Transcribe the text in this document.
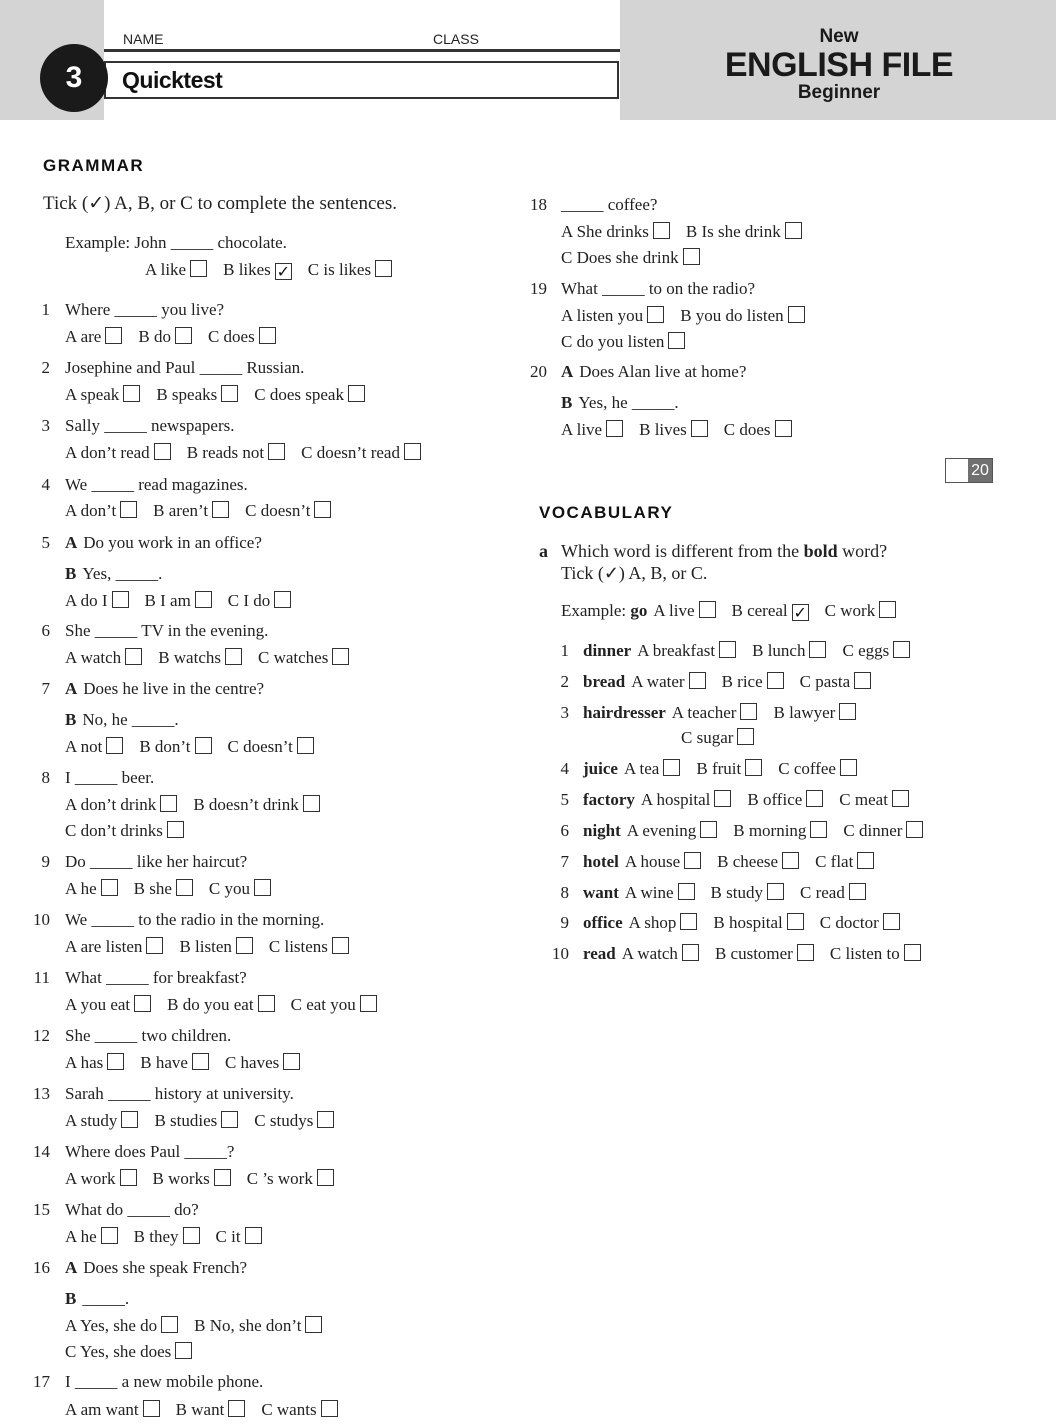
NAME	CLASS
Quicktest
3
New
ENGLISH FILE
Beginner
GRAMMAR
Tick (✓) A, B, or C to complete the sentences.
Example: John _____ chocolate.
A like B likes ✓ C is likes
1 Where _____ you live?
A are B do C does
2 Josephine and Paul _____ Russian.
A speak B speaks C does speak
3 Sally _____ newspapers.
A don’t read B reads not C doesn’t read
4 We _____ read magazines.
A don’t B aren’t C doesn’t
5 A Do you work in an office?
B Yes, _____.
A do I B I am C I do
6 She _____ TV in the evening.
A watch B watchs C watches
7 A Does he live in the centre?
B No, he _____.
A not B don’t C doesn’t
8 I _____ beer.
A don’t drink B doesn’t drink
C don’t drinks
9 Do _____ like her haircut?
A he B she C you
10 We _____ to the radio in the morning.
A are listen B listen C listens
11 What _____ for breakfast?
A you eat B do you eat C eat you
12 She _____ two children.
A has B have C haves
13 Sarah _____ history at university.
A study B studies C studys
14 Where does Paul _____?
A work B works C ’s work
15 What do _____ do?
A he B they C it
16 A Does she speak French?
B _____.
A Yes, she do B No, she don’t
C Yes, she does
17 I _____ a new mobile phone.
A am want B want C wants
18 _____ coffee?
A She drinks B Is she drink
C Does she drink
19 What _____ to on the radio?
A listen you B you do listen
C do you listen
20 A Does Alan live at home?
B Yes, he _____.
A live B lives C does
20
VOCABULARY
a Which word is different from the bold word?
Tick (✓) A, B, or C.
Example: go A live B cereal ✓ C work
1 dinner A breakfast B lunch C eggs
2 bread A water B rice C pasta
3 hairdresser A teacher B lawyer
C sugar
4 juice A tea B fruit C coffee
5 factory A hospital B office C meat
6 night A evening B morning C dinner
7 hotel A house B cheese C flat
8 want A wine B study C read
9 office A shop B hospital C doctor
10 read A watch B customer C listen to
